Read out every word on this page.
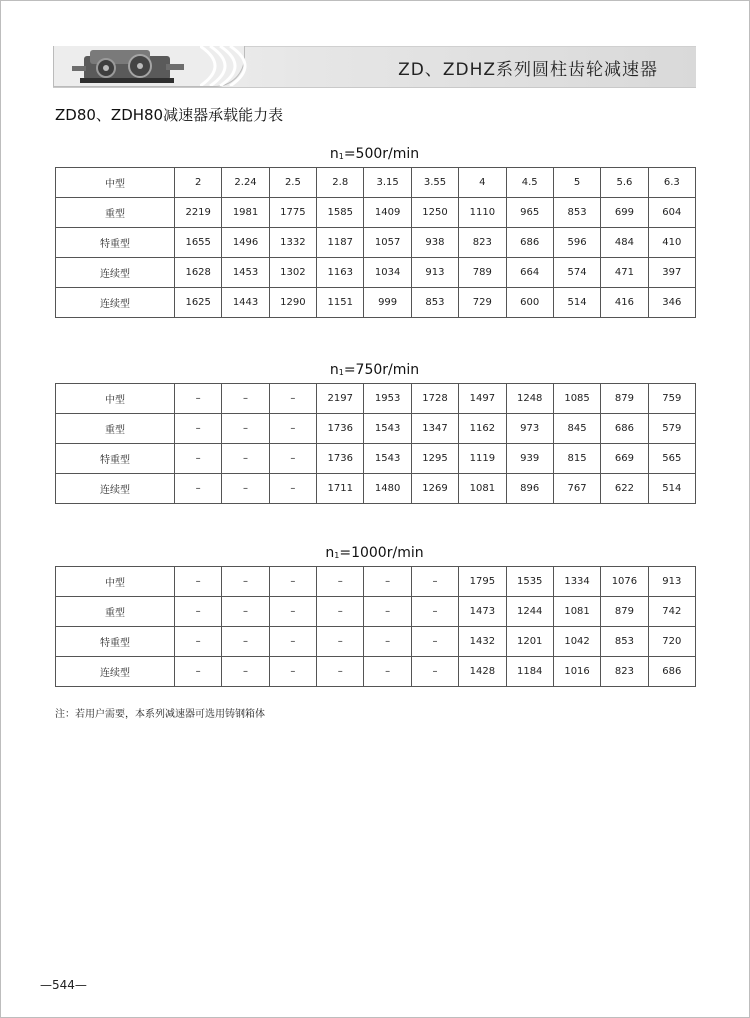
ZD、ZDHZ系列圆柱齿轮减速器
ZD80、ZDH80减速器承载能力表
$n_1=500r/\min$
中型	2	2.24	2.5	2.8	3.15	3.55	4	4.5	5	5.6	6.3
重型	2219	1981	1775	1585	1409	1250	1110	965	853	699	604
特重型	1655	1496	1332	1187	1057	938	823	686	596	484	410
连续型	1628	1453	1302	1163	1034	913	789	664	574	471	397
连续型	1625	1443	1290	1151	999	853	729	600	514	416	346
$n_1=750r/\min$
中型	–	–	–	2197	1953	1728	1497	1248	1085	879	759
重型	–	–	–	1736	1543	1347	1162	973	845	686	579
特重型	–	–	–	1736	1543	1295	1119	939	815	669	565
连续型	–	–	–	1711	1480	1269	1081	896	767	622	514
$n_1=1000r/\min$
中型	–	–	–	–	–	–	1795	1535	1334	1076	913
重型	–	–	–	–	–	–	1473	1244	1081	879	742
特重型	–	–	–	–	–	–	1432	1201	1042	853	720
连续型	–	–	–	–	–	–	1428	1184	1016	823	686
注：若用户需要，本系列减速器可选用铸钢箱体
—544—
